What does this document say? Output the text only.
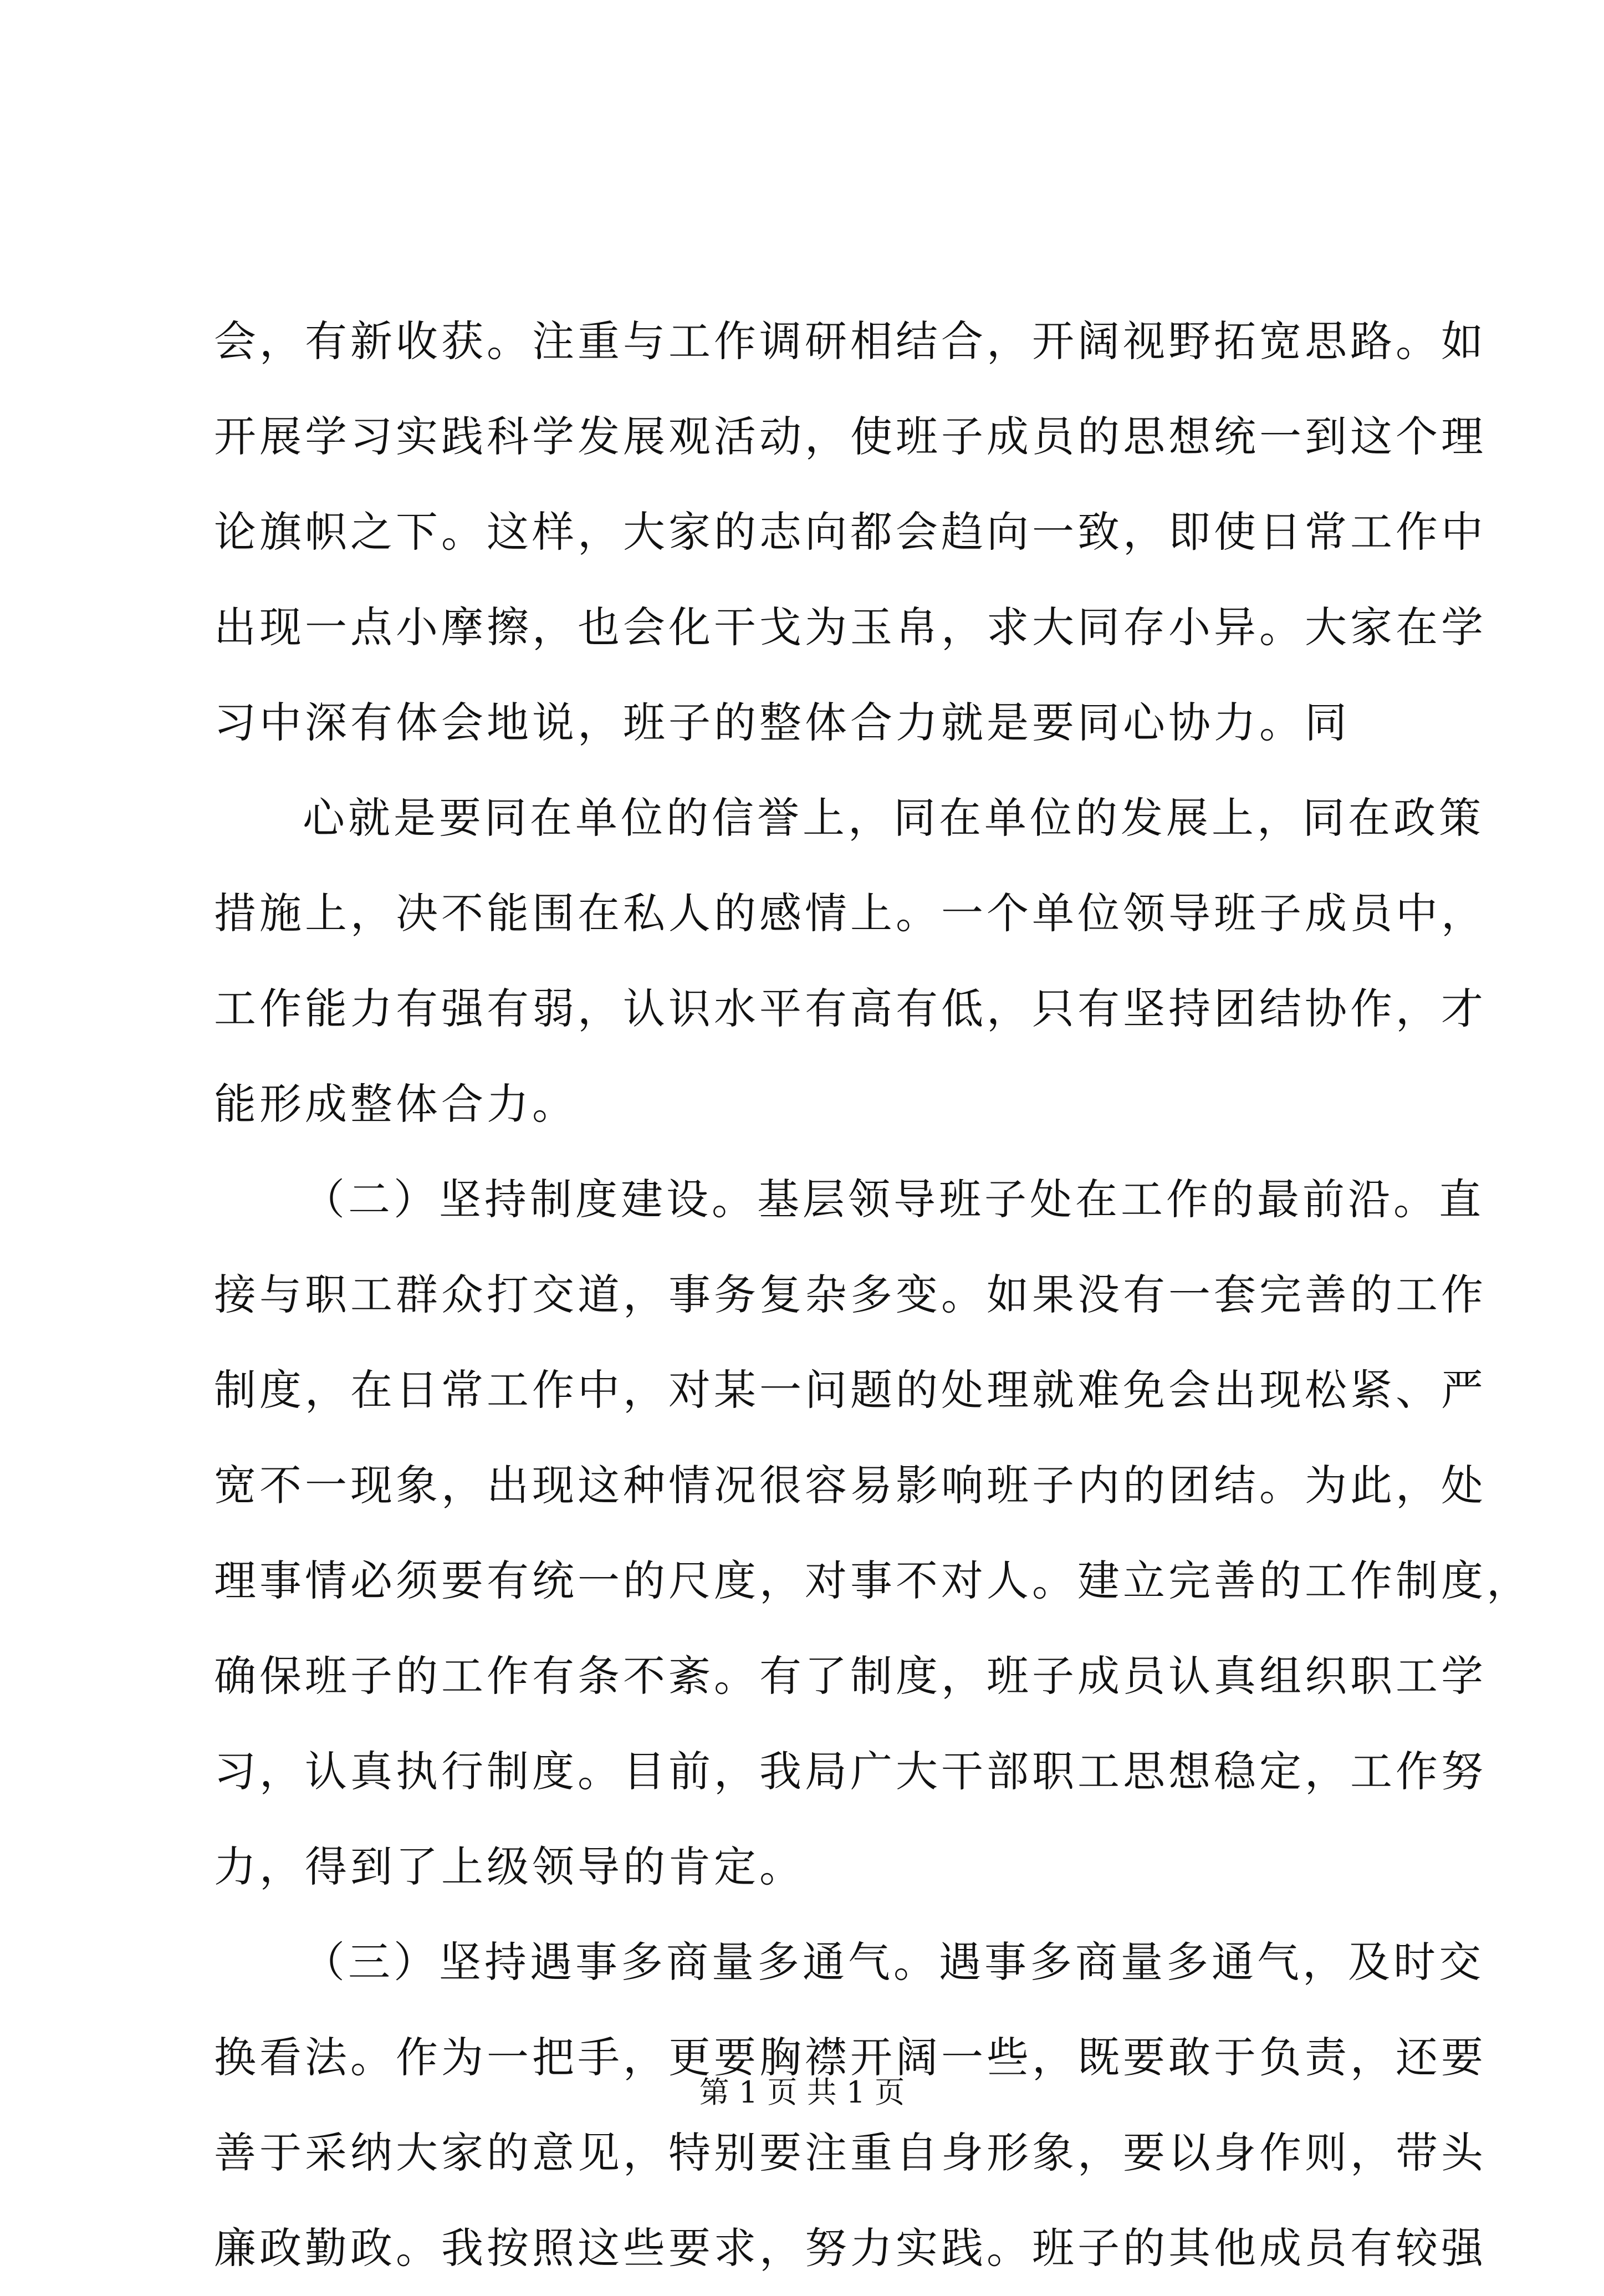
会，有新收获。注重与工作调研相结合，开阔视野拓宽思路。如
开展学习实践科学发展观活动，使班子成员的思想统一到这个理
论旗帜之下。这样，大家的志向都会趋向一致，即使日常工作中
出现一点小摩擦，也会化干戈为玉帛，求大同存小异。大家在学
习中深有体会地说，班子的整体合力就是要同心协力。同
心就是要同在单位的信誉上，同在单位的发展上，同在政策
措施上，决不能围在私人的感情上。一个单位领导班子成员中，
工作能力有强有弱，认识水平有高有低，只有坚持团结协作，才
能形成整体合力。
（二）坚持制度建设。基层领导班子处在工作的最前沿。直
接与职工群众打交道，事务复杂多变。如果没有一套完善的工作
制度，在日常工作中，对某一问题的处理就难免会出现松紧、严
宽不一现象，出现这种情况很容易影响班子内的团结。为此，处
理事情必须要有统一的尺度，对事不对人。建立完善的工作制度，
确保班子的工作有条不紊。有了制度，班子成员认真组织职工学
习，认真执行制度。目前，我局广大干部职工思想稳定，工作努
力，得到了上级领导的肯定。
（三）坚持遇事多商量多通气。遇事多商量多通气，及时交
换看法。作为一把手，更要胸襟开阔一些，既要敢于负责，还要
善于采纳大家的意见，特别要注重自身形象，要以身作则，带头
廉政勤政。我按照这些要求，努力实践。班子的其他成员有较强
第 1 页 共 1 页
